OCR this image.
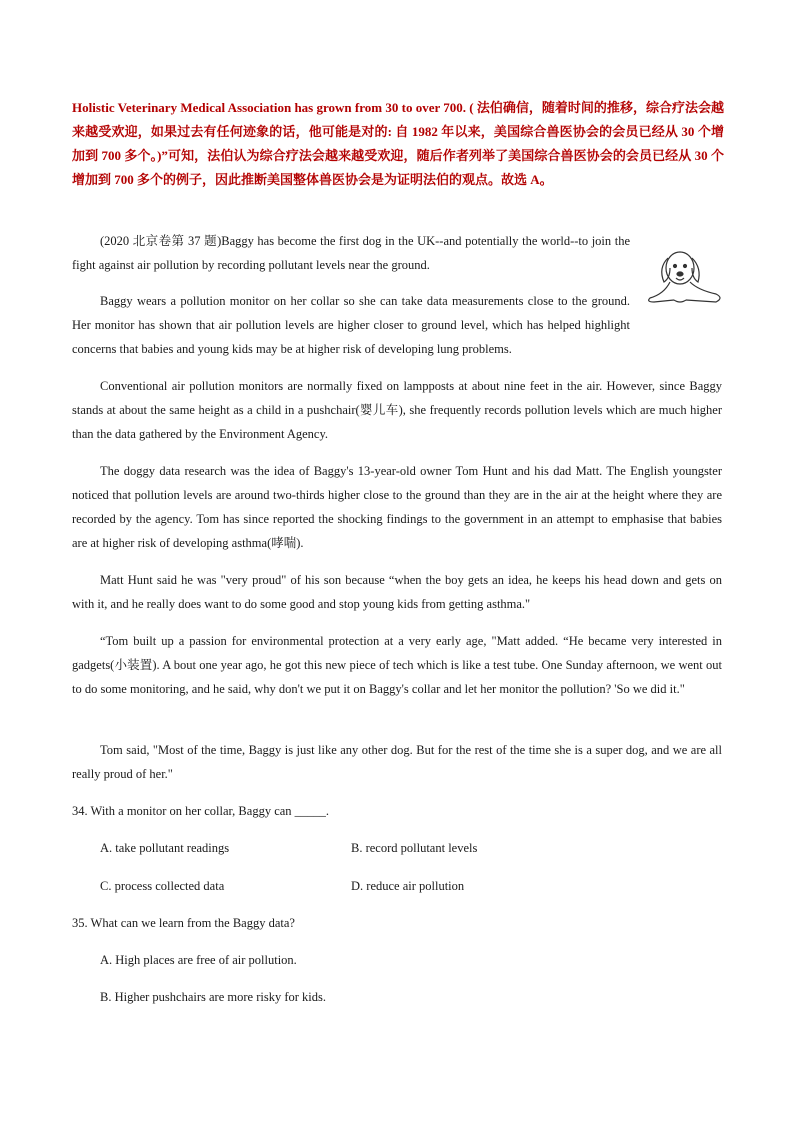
Holistic Veterinary Medical Association has grown from 30 to over 700. ( 法伯确信，随着时间的推移，综合疗法会越来越受欢迎，如果过去有任何迹象的话，他可能是对的: 自 1982 年以来，美国综合兽医协会的会员已经从 30 个增加到 700 多个。)”可知，法伯认为综合疗法会越来越受欢迎，随后作者列举了美国综合兽医协会的会员已经从 30 个增加到 700 多个的例子，因此推断美国整体兽医协会是为证明法伯的观点。故选 A。
(2020 北京卷第 37 题)Baggy has become the first dog in the UK--and potentially the world--to join the fight against air pollution by recording pollutant levels near the ground.
Baggy wears a pollution monitor on her collar so she can take data measurements close to the ground. Her monitor has shown that air pollution levels are higher closer to ground level, which has helped highlight concerns that babies and young kids may be at higher risk of developing lung problems.
Conventional air pollution monitors are normally fixed on lampposts at about nine feet in the air. However, since Baggy stands at about the same height as a child in a pushchair(婴儿车), she frequently records pollution levels which are much higher than the data gathered by the Environment Agency.
The doggy data research was the idea of Baggy's 13-year-old owner Tom Hunt and his dad Matt. The English youngster noticed that pollution levels are around two-thirds higher close to the ground than they are in the air at the height where they are recorded by the agency. Tom has since reported the shocking findings to the government in an attempt to emphasise that babies are at higher risk of developing asthma(哮喘).
Matt Hunt said he was "very proud" of his son because “when the boy gets an idea, he keeps his head down and gets on with it, and he really does want to do some good and stop young kids from getting asthma."
“Tom built up a passion for environmental protection at a very early age, "Matt added. “He became very interested in gadgets(小装置). A bout one year ago, he got this new piece of tech which is like a test tube. One Sunday afternoon, we went out to do some monitoring, and he said, why don't we put it on Baggy's collar and let her monitor the pollution? 'So we did it."
Tom said, "Most of the time, Baggy is just like any other dog. But for the rest of the time she is a super dog, and we are all really proud of her."
34. With a monitor on her collar, Baggy can _____.
A. take pollutant readings	B. record pollutant levels
C. process collected data	D. reduce air pollution
35. What can we learn from the Baggy data?
A. High places are free of air pollution.
B. Higher pushchairs are more risky for kids.
